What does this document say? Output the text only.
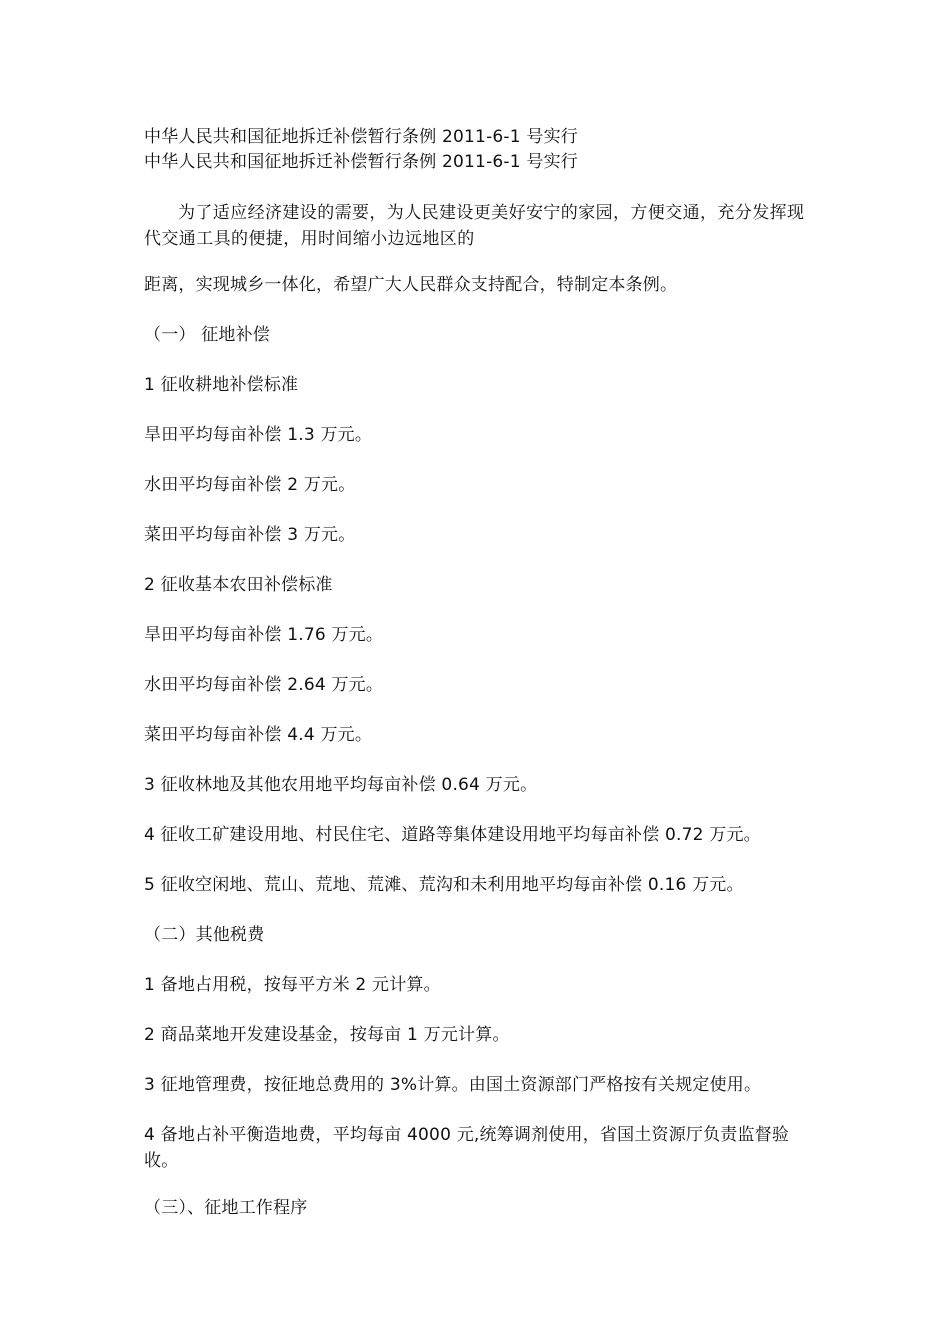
中华人民共和国征地拆迁补偿暂行条例 2011-6-1 号实行
中华人民共和国征地拆迁补偿暂行条例 2011-6-1 号实行
为了适应经济建设的需要，为人民建设更美好安宁的家园，方便交通，充分发挥现代交通工具的便捷，用时间缩小边远地区的
距离，实现城乡一体化，希望广大人民群众支持配合，特制定本条例。
（一） 征地补偿
1 征收耕地补偿标准
旱田平均每亩补偿 1.3 万元。
水田平均每亩补偿 2 万元。
菜田平均每亩补偿 3 万元。
2 征收基本农田补偿标准
旱田平均每亩补偿 1.76 万元。
水田平均每亩补偿 2.64 万元。
菜田平均每亩补偿 4.4 万元。
3 征收林地及其他农用地平均每亩补偿 0.64 万元。
4 征收工矿建设用地、村民住宅、道路等集体建设用地平均每亩补偿 0.72 万元。
5 征收空闲地、荒山、荒地、荒滩、荒沟和未利用地平均每亩补偿 0.16 万元。
（二）其他税费
1 备地占用税，按每平方米 2 元计算。
2 商品菜地开发建设基金，按每亩 1 万元计算。
3 征地管理费，按征地总费用的 3%计算。由国土资源部门严格按有关规定使用。
4 备地占补平衡造地费，平均每亩 4000 元,统筹调剂使用，省国土资源厅负责监督验收。
（三）、征地工作程序
